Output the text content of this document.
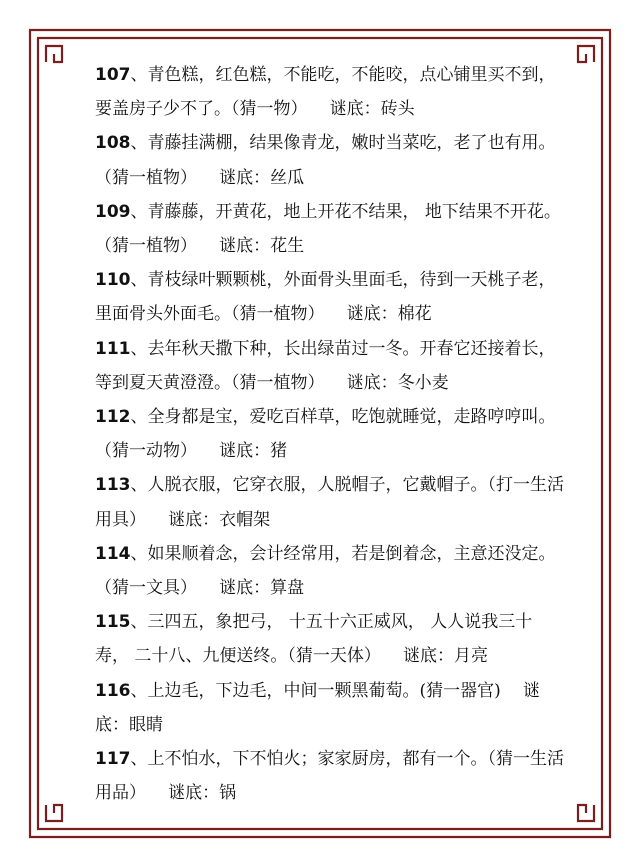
107、青色糕，红色糕，不能吃，不能咬，点心铺里买不到，要盖房子少不了。（猜一物） 谜底：砖头

108、青藤挂满棚，结果像青龙，嫩时当菜吃，老了也有用。（猜一植物） 谜底：丝瓜

109、青藤藤，开黄花，地上开花不结果， 地下结果不开花。（猜一植物） 谜底：花生

110、青枝绿叶颗颗桃，外面骨头里面毛，待到一天桃子老，里面骨头外面毛。（猜一植物） 谜底：棉花

111、去年秋天撒下种，长出绿苗过一冬。开春它还接着长，等到夏天黄澄澄。（猜一植物） 谜底：冬小麦

112、全身都是宝，爱吃百样草，吃饱就睡觉，走路哼哼叫。（猜一动物） 谜底：猪

113、人脱衣服，它穿衣服，人脱帽子，它戴帽子。（打一生活用具） 谜底：衣帽架

114、如果顺着念，会计经常用，若是倒着念，主意还没定。（猜一文具） 谜底：算盘

115、三四五，象把弓， 十五十六正威风， 人人说我三十寿， 二十八、九便送终。（猜一天体） 谜底：月亮

116、上边毛，下边毛，中间一颗黑葡萄。(猜一器官) 谜底：眼睛

117、上不怕水，下不怕火；家家厨房，都有一个。（猜一生活用品） 谜底：锅
